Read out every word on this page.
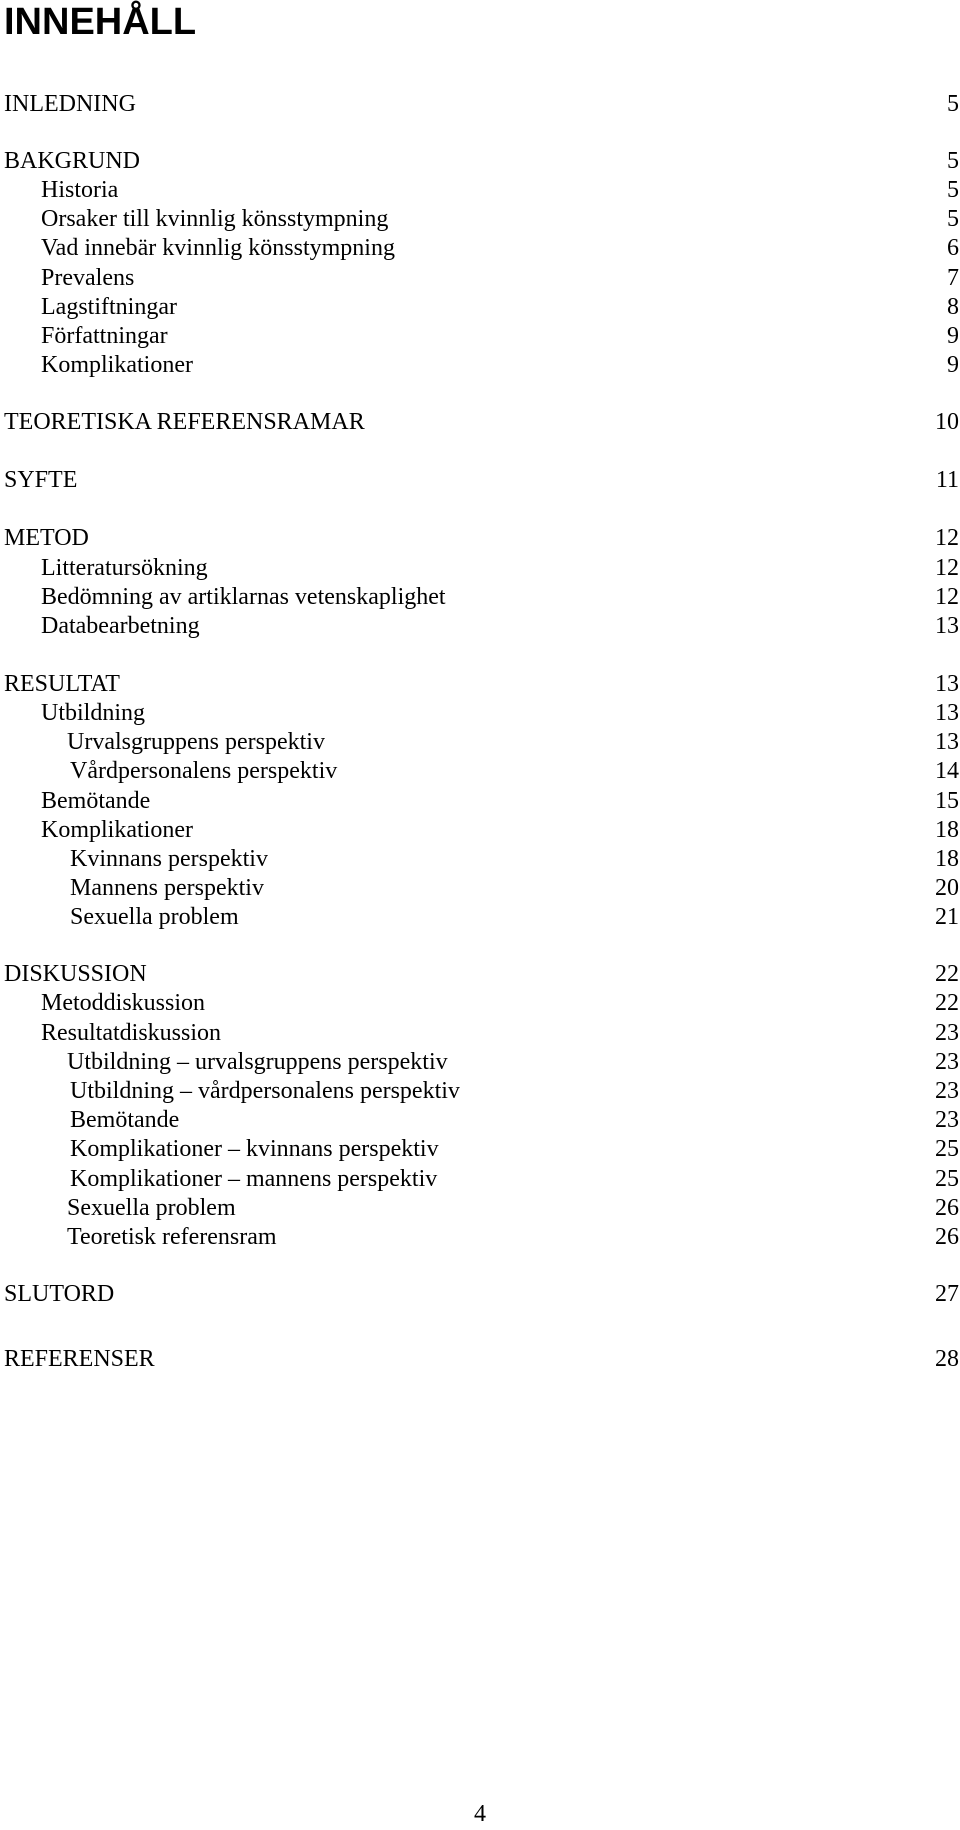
INNEHÅLL
INLEDNING	5
BAKGRUND	5
Historia	5
Orsaker till kvinnlig könsstympning	5
Vad innebär kvinnlig könsstympning	6
Prevalens	7
Lagstiftningar	8
Författningar	9
Komplikationer	9
TEORETISKA REFERENSRAMAR	10
SYFTE	11
METOD	12
Litteratursökning	12
Bedömning av artiklarnas vetenskaplighet	12
Databearbetning	13
RESULTAT	13
Utbildning	13
Urvalsgruppens perspektiv	13
Vårdpersonalens perspektiv	14
Bemötande	15
Komplikationer	18
Kvinnans perspektiv	18
Mannens perspektiv	20
Sexuella problem	21
DISKUSSION	22
Metoddiskussion	22
Resultatdiskussion	23
Utbildning – urvalsgruppens perspektiv	23
Utbildning – vårdpersonalens perspektiv	23
Bemötande	23
Komplikationer – kvinnans perspektiv	25
Komplikationer – mannens perspektiv	25
Sexuella problem	26
Teoretisk referensram	26
SLUTORD	27
REFERENSER	28
4
